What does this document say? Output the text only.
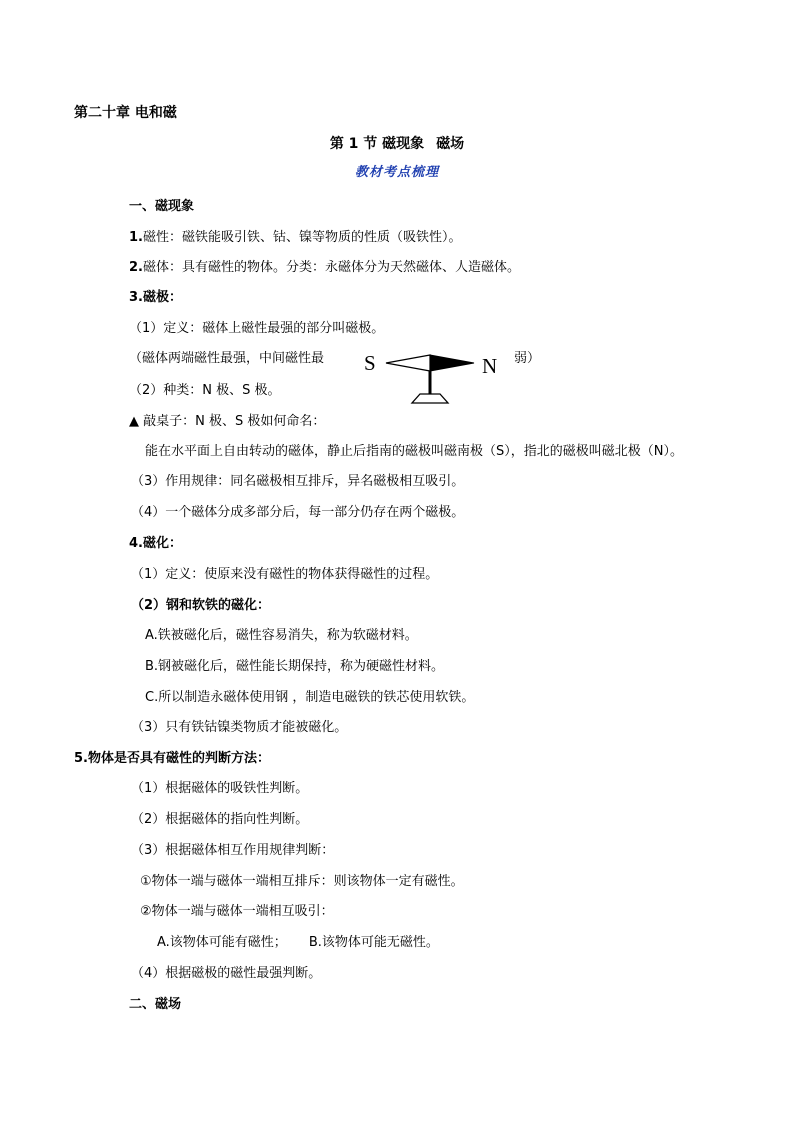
第二十章 电和磁
第 1 节 磁现象 磁场
教材考点梳理
一、磁现象
1.磁性：磁铁能吸引铁、钴、镍等物质的性质（吸铁性）。
2.磁体：具有磁性的物体。分类：永磁体分为天然磁体、人造磁体。
3.磁极：
（1）定义：磁体上磁性最强的部分叫磁极。
（磁体两端磁性最强，中间磁性最	弱）
S	N
（2）种类：N 极、S 极。
▲ 敲桌子：N 极、S 极如何命名：
能在水平面上自由转动的磁体，静止后指南的磁极叫磁南极（S），指北的磁极叫磁北极（N）。
（3）作用规律：同名磁极相互排斥，异名磁极相互吸引。
（4）一个磁体分成多部分后，每一部分仍存在两个磁极。
4.磁化：
（1）定义：使原来没有磁性的物体获得磁性的过程。
（2）钢和软铁的磁化：
A.铁被磁化后，磁性容易消失，称为软磁材料。
B.钢被磁化后，磁性能长期保持，称为硬磁性材料。
C.所以制造永磁体使用钢 ，制造电磁铁的铁芯使用软铁。
（3）只有铁钴镍类物质才能被磁化。
5.物体是否具有磁性的判断方法：
（1）根据磁体的吸铁性判断。
（2）根据磁体的指向性判断。
（3）根据磁体相互作用规律判断：
①物体一端与磁体一端相互排斥：则该物体一定有磁性。
②物体一端与磁体一端相互吸引：
A.该物体可能有磁性； B.该物体可能无磁性。
（4）根据磁极的磁性最强判断。
二、磁场
